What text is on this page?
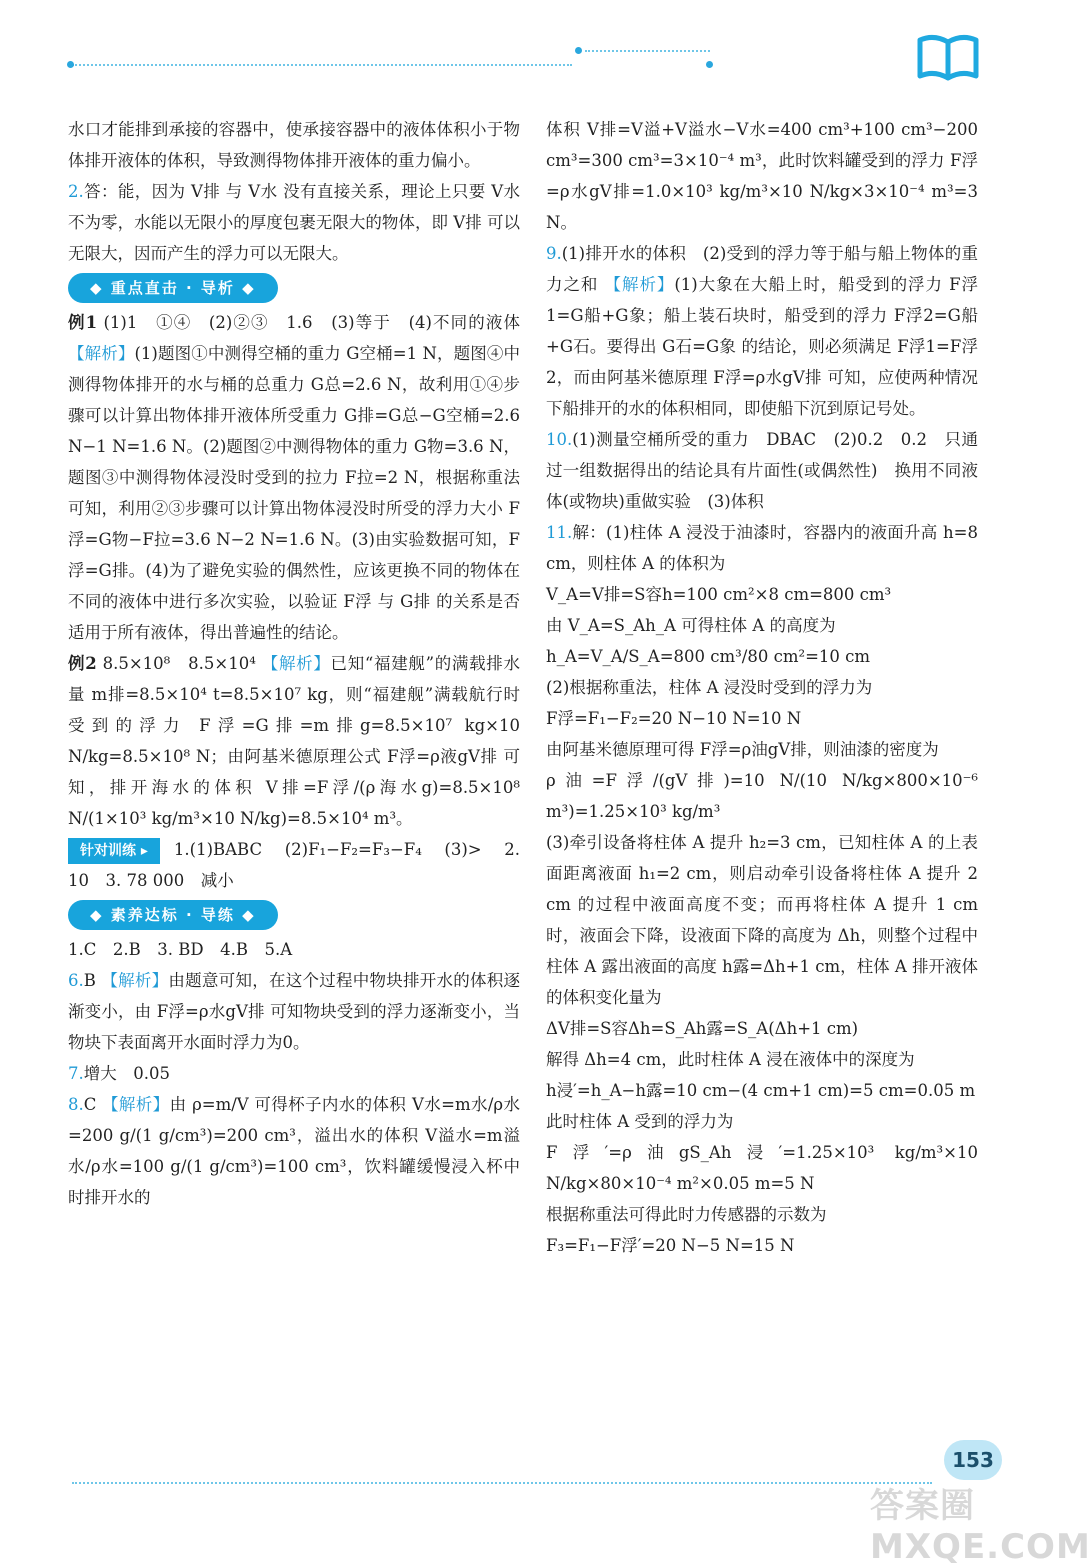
水口才能排到承接的容器中，使承接容器中的液体体积小于物体排开液体的体积，导致测得物体排开液体的重力偏小。

2.答：能，因为 V排 与 V水 没有直接关系，理论上只要 V水 不为零，水能以无限小的厚度包裹无限大的物体，即 V排 可以无限大，因而产生的浮力可以无限大。

◆ 重点直击 · 导析 ◆

例1 (1)1　①④　(2)②③　1.6　(3)等于　(4)不同的液体 【解析】(1)题图①中测得空桶的重力 G空桶=1 N，题图④中测得物体排开的水与桶的总重力 G总=2.6 N，故利用①④步骤可以计算出物体排开液体所受重力 G排=G总−G空桶=2.6 N−1 N=1.6 N。(2)题图②中测得物体的重力 G物=3.6 N，题图③中测得物体浸没时受到的拉力 F拉=2 N，根据称重法可知，利用②③步骤可以计算出物体浸没时所受的浮力大小 F浮=G物−F拉=3.6 N−2 N=1.6 N。(3)由实验数据可知，F浮=G排。(4)为了避免实验的偶然性，应该更换不同的物体在不同的液体中进行多次实验，以验证 F浮 与 G排 的关系是否适用于所有液体，得出普遍性的结论。

例2 8.5×10⁸　8.5×10⁴ 【解析】已知“福建舰”的满载排水量 m排=8.5×10⁴ t=8.5×10⁷ kg，则“福建舰”满载航行时受到的浮力 F浮=G排=m排g=8.5×10⁷ kg×10 N/kg=8.5×10⁸ N；由阿基米德原理公式 F浮=ρ液gV排 可知，排开海水的体积 V排=F浮/(ρ海水g)=8.5×10⁸ N/(1×10³ kg/m³×10 N/kg)=8.5×10⁴ m³。

针对训练 ▸ 1.(1)BABC　(2)F₁−F₂=F₃−F₄　(3)>　2. 10　3. 78 000　减小

◆ 素养达标 · 导练 ◆

1.C　2.B　3. BD　4.B　5.A

6.B 【解析】由题意可知，在这个过程中物块排开水的体积逐渐变小，由 F浮=ρ水gV排 可知物块受到的浮力逐渐变小，当物块下表面离开水面时浮力为0。

7.增大　0.05

8.C 【解析】由 ρ=m/V 可得杯子内水的体积 V水=m水/ρ水=200 g/(1 g/cm³)=200 cm³，溢出水的体积 V溢水=m溢水/ρ水=100 g/(1 g/cm³)=100 cm³，饮料罐缓慢浸入杯中时排开水的

体积 V排=V溢+V溢水−V水=400 cm³+100 cm³−200 cm³=300 cm³=3×10⁻⁴ m³，此时饮料罐受到的浮力 F浮=ρ水gV排=1.0×10³ kg/m³×10 N/kg×3×10⁻⁴ m³=3 N。

9.(1)排开水的体积　(2)受到的浮力等于船与船上物体的重力之和 【解析】(1)大象在大船上时，船受到的浮力 F浮1=G船+G象；船上装石块时，船受到的浮力 F浮2=G船+G石。要得出 G石=G象 的结论，则必须满足 F浮1=F浮2，而由阿基米德原理 F浮=ρ水gV排 可知，应使两种情况下船排开的水的体积相同，即使船下沉到原记号处。

10.(1)测量空桶所受的重力　DBAC　(2)0.2　0.2　只通过一组数据得出的结论具有片面性(或偶然性)　换用不同液体(或物块)重做实验　(3)体积

11.解：(1)柱体 A 浸没于油漆时，容器内的液面升高 h=8 cm，则柱体 A 的体积为

V_A=V排=S容h=100 cm²×8 cm=800 cm³

由 V_A=S_Ah_A 可得柱体 A 的高度为

h_A=V_A/S_A=800 cm³/80 cm²=10 cm

(2)根据称重法，柱体 A 浸没时受到的浮力为

F浮=F₁−F₂=20 N−10 N=10 N

由阿基米德原理可得 F浮=ρ油gV排，则油漆的密度为

ρ油=F浮/(gV排)=10 N/(10 N/kg×800×10⁻⁶ m³)=1.25×10³ kg/m³

(3)牵引设备将柱体 A 提升 h₂=3 cm，已知柱体 A 的上表面距离液面 h₁=2 cm，则启动牵引设备将柱体 A 提升 2 cm 的过程中液面高度不变；而再将柱体 A 提升 1 cm 时，液面会下降，设液面下降的高度为 Δh，则整个过程中柱体 A 露出液面的高度 h露=Δh+1 cm，柱体 A 排开液体的体积变化量为

ΔV排=S容Δh=S_Ah露=S_A(Δh+1 cm)

解得 Δh=4 cm，此时柱体 A 浸在液体中的深度为

h浸′=h_A−h露=10 cm−(4 cm+1 cm)=5 cm=0.05 m

此时柱体 A 受到的浮力为

F浮′=ρ油gS_Ah浸′=1.25×10³ kg/m³×10 N/kg×80×10⁻⁴ m²×0.05 m=5 N

根据称重法可得此时力传感器的示数为

F₃=F₁−F浮′=20 N−5 N=15 N

153
答案圈 MXQE.COM
